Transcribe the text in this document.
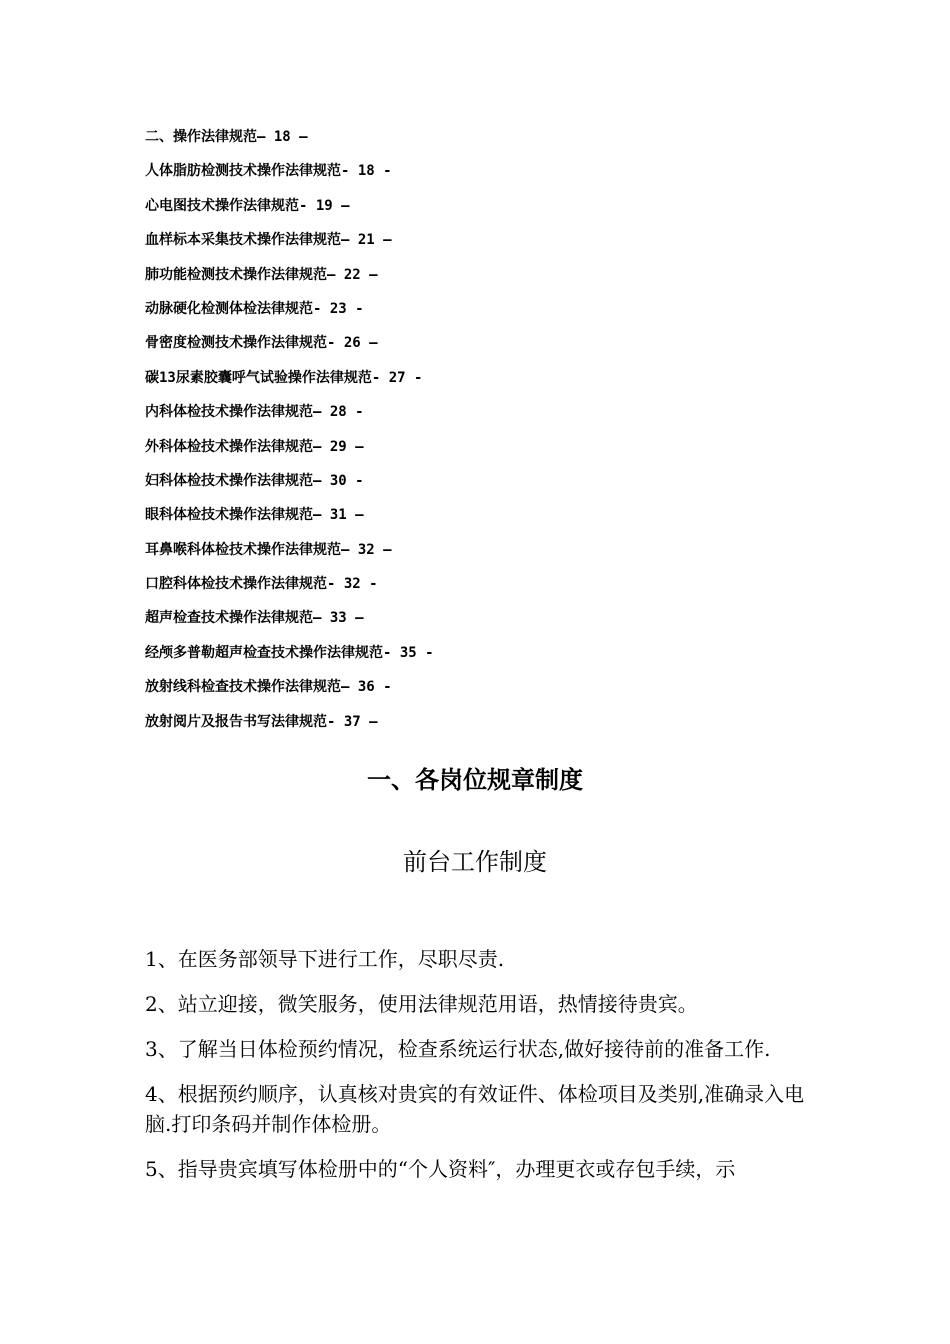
二、操作法律规范— 18 —
人体脂肪检测技术操作法律规范- 18 -
心电图技术操作法律规范- 19 —
血样标本采集技术操作法律规范— 21 —
肺功能检测技术操作法律规范— 22 —
动脉硬化检测体检法律规范- 23 -
骨密度检测技术操作法律规范- 26 —
碳13尿素胶囊呼气试验操作法律规范- 27 -
内科体检技术操作法律规范— 28 -
外科体检技术操作法律规范— 29 —
妇科体检技术操作法律规范— 30 -
眼科体检技术操作法律规范— 31 —
耳鼻喉科体检技术操作法律规范— 32 —
口腔科体检技术操作法律规范- 32 -
超声检查技术操作法律规范— 33 —
经颅多普勒超声检查技术操作法律规范- 35 -
放射线科检查技术操作法律规范— 36 -
放射阅片及报告书写法律规范- 37 —
一、各岗位规章制度
前台工作制度

1、在医务部领导下进行工作，尽职尽责.

2、站立迎接，微笑服务，使用法律规范用语，热情接待贵宾。

3、了解当日体检预约情况，检查系统运行状态,做好接待前的准备工作.

4、根据预约顺序，认真核对贵宾的有效证件、体检项目及类别,准确录入电脑.打印条码并制作体检册。

5、指导贵宾填写体检册中的“个人资料″，办理更衣或存包手续，示
